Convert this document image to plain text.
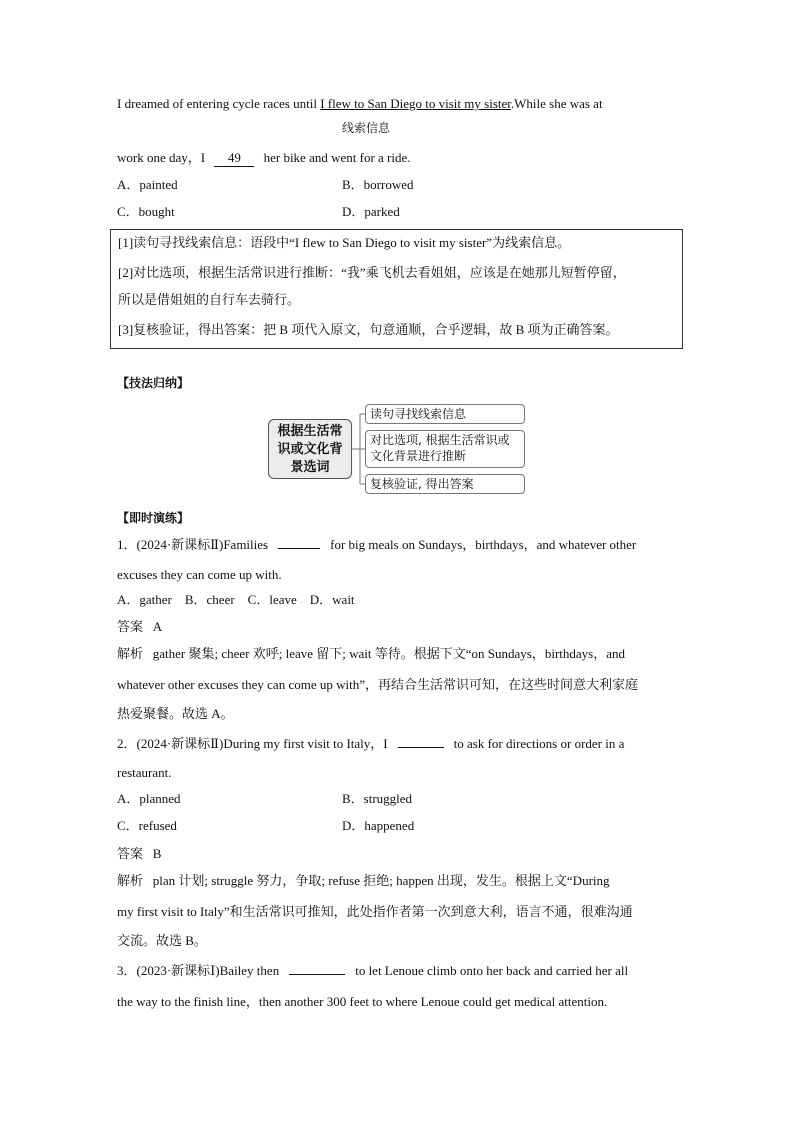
I dreamed of entering cycle races until I flew to San Diego to visit my sister.While she was at
线索信息
work one day，I 49 her bike and went for a ride.
A．painted	B．borrowed
C．bought	D．parked
[1]读句寻找线索信息：语段中“I flew to San Diego to visit my sister”为线索信息。
[2]对比选项，根据生活常识进行推断：“我”乘飞机去看姐姐，应该是在她那儿短暂停留，
所以是借姐姐的自行车去骑行。
[3]复核验证，得出答案：把 B 项代入原文，句意通顺，合乎逻辑，故 B 项为正确答案。
【技法归纳】
根据生活常
识或文化背
景选词
读句寻找线索信息
对比选项, 根据生活常识或
文化背景进行推断
复核验证, 得出答案
【即时演练】
1．(2024·新课标Ⅱ)Families	for big meals on Sundays，birthdays，and whatever other
excuses they can come up with.
A．gather　B．cheer　C．leave　D．wait
答案 A
解析 gather 聚集; cheer 欢呼; leave 留下; wait 等待。根据下文“on Sundays，birthdays，and
whatever other excuses they can come up with”，再结合生活常识可知，在这些时间意大利家庭
热爱聚餐。故选 A。
2．(2024·新课标Ⅱ)During my first visit to Italy，I	to ask for directions or order in a
restaurant.
A．planned	B．struggled
C．refused	D．happened
答案 B
解析 plan 计划; struggle 努力，争取; refuse 拒绝; happen 出现，发生。根据上文“During
my first visit to Italy”和生活常识可推知，此处指作者第一次到意大利，语言不通，很难沟通
交流。故选 B。
3．(2023·新课标Ⅰ)Bailey then	to let Lenoue climb onto her back and carried her all
the way to the finish line，then another 300 feet to where Lenoue could get medical attention.
